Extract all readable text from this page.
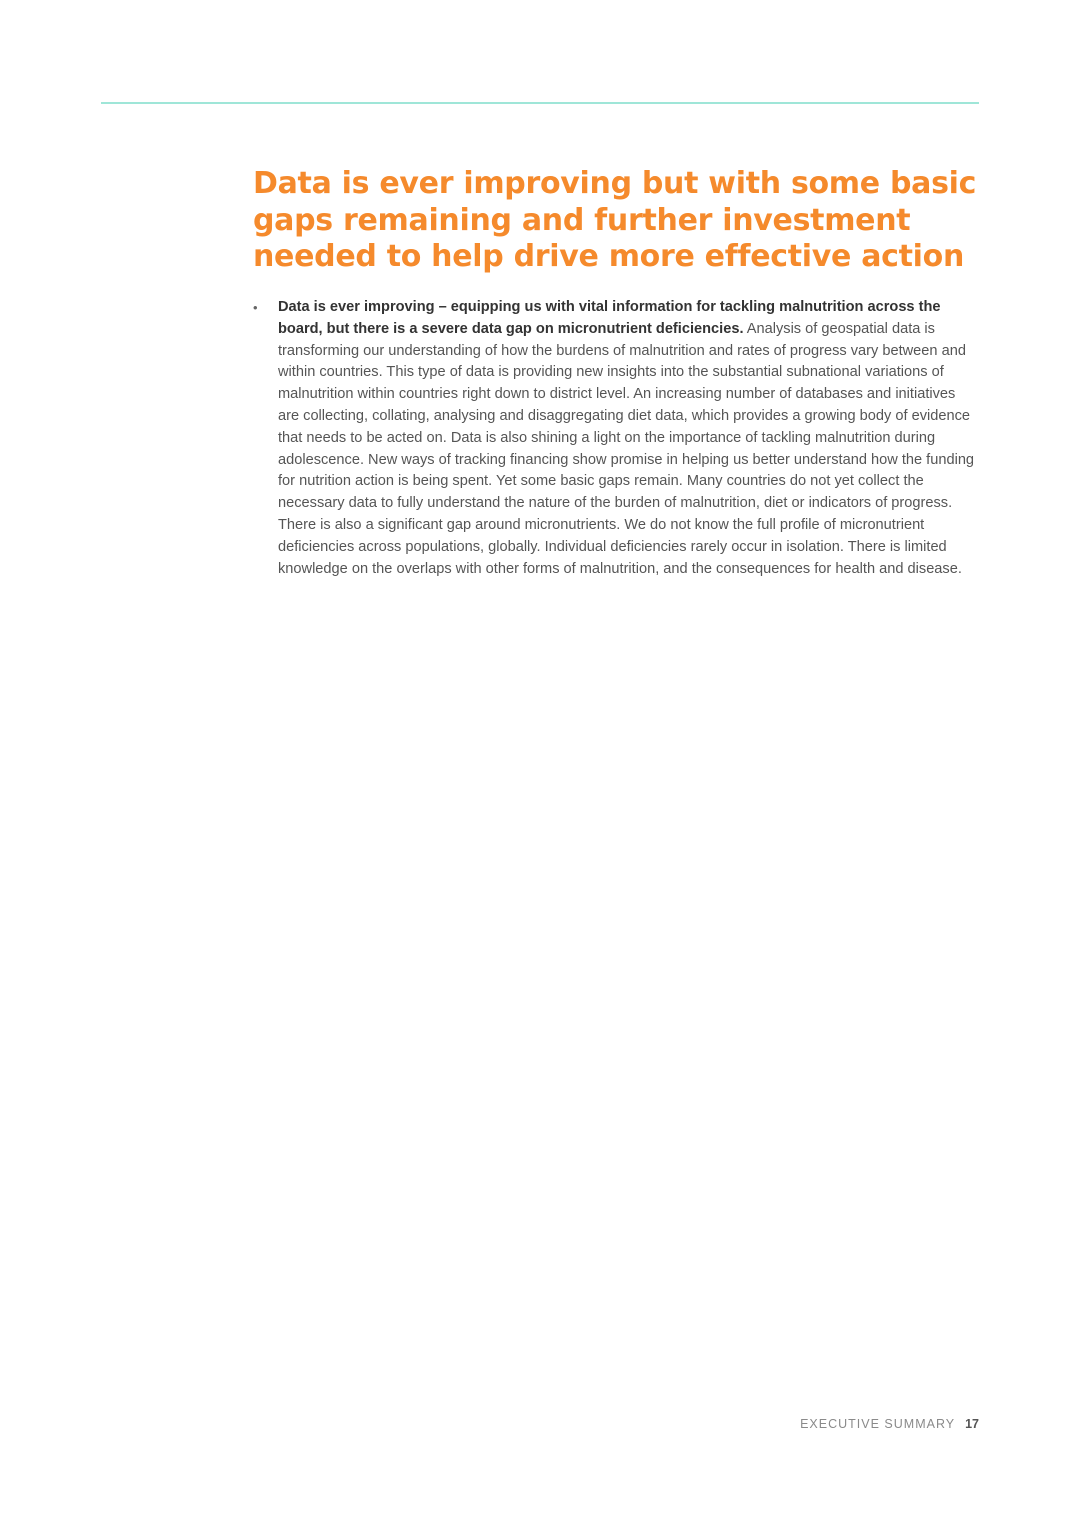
Data is ever improving but with some basic gaps remaining and further investment needed to help drive more effective action
• Data is ever improving – equipping us with vital information for tackling malnutrition across the board, but there is a severe data gap on micronutrient deficiencies. Analysis of geospatial data is transforming our understanding of how the burdens of malnutrition and rates of progress vary between and within countries. This type of data is providing new insights into the substantial subnational variations of malnutrition within countries right down to district level. An increasing number of databases and initiatives are collecting, collating, analysing and disaggregating diet data, which provides a growing body of evidence that needs to be acted on. Data is also shining a light on the importance of tackling malnutrition during adolescence. New ways of tracking financing show promise in helping us better understand how the funding for nutrition action is being spent. Yet some basic gaps remain. Many countries do not yet collect the necessary data to fully understand the nature of the burden of malnutrition, diet or indicators of progress. There is also a significant gap around micronutrients. We do not know the full profile of micronutrient deficiencies across populations, globally. Individual deficiencies rarely occur in isolation. There is limited knowledge on the overlaps with other forms of malnutrition, and the consequences for health and disease.
EXECUTIVE SUMMARY 17
